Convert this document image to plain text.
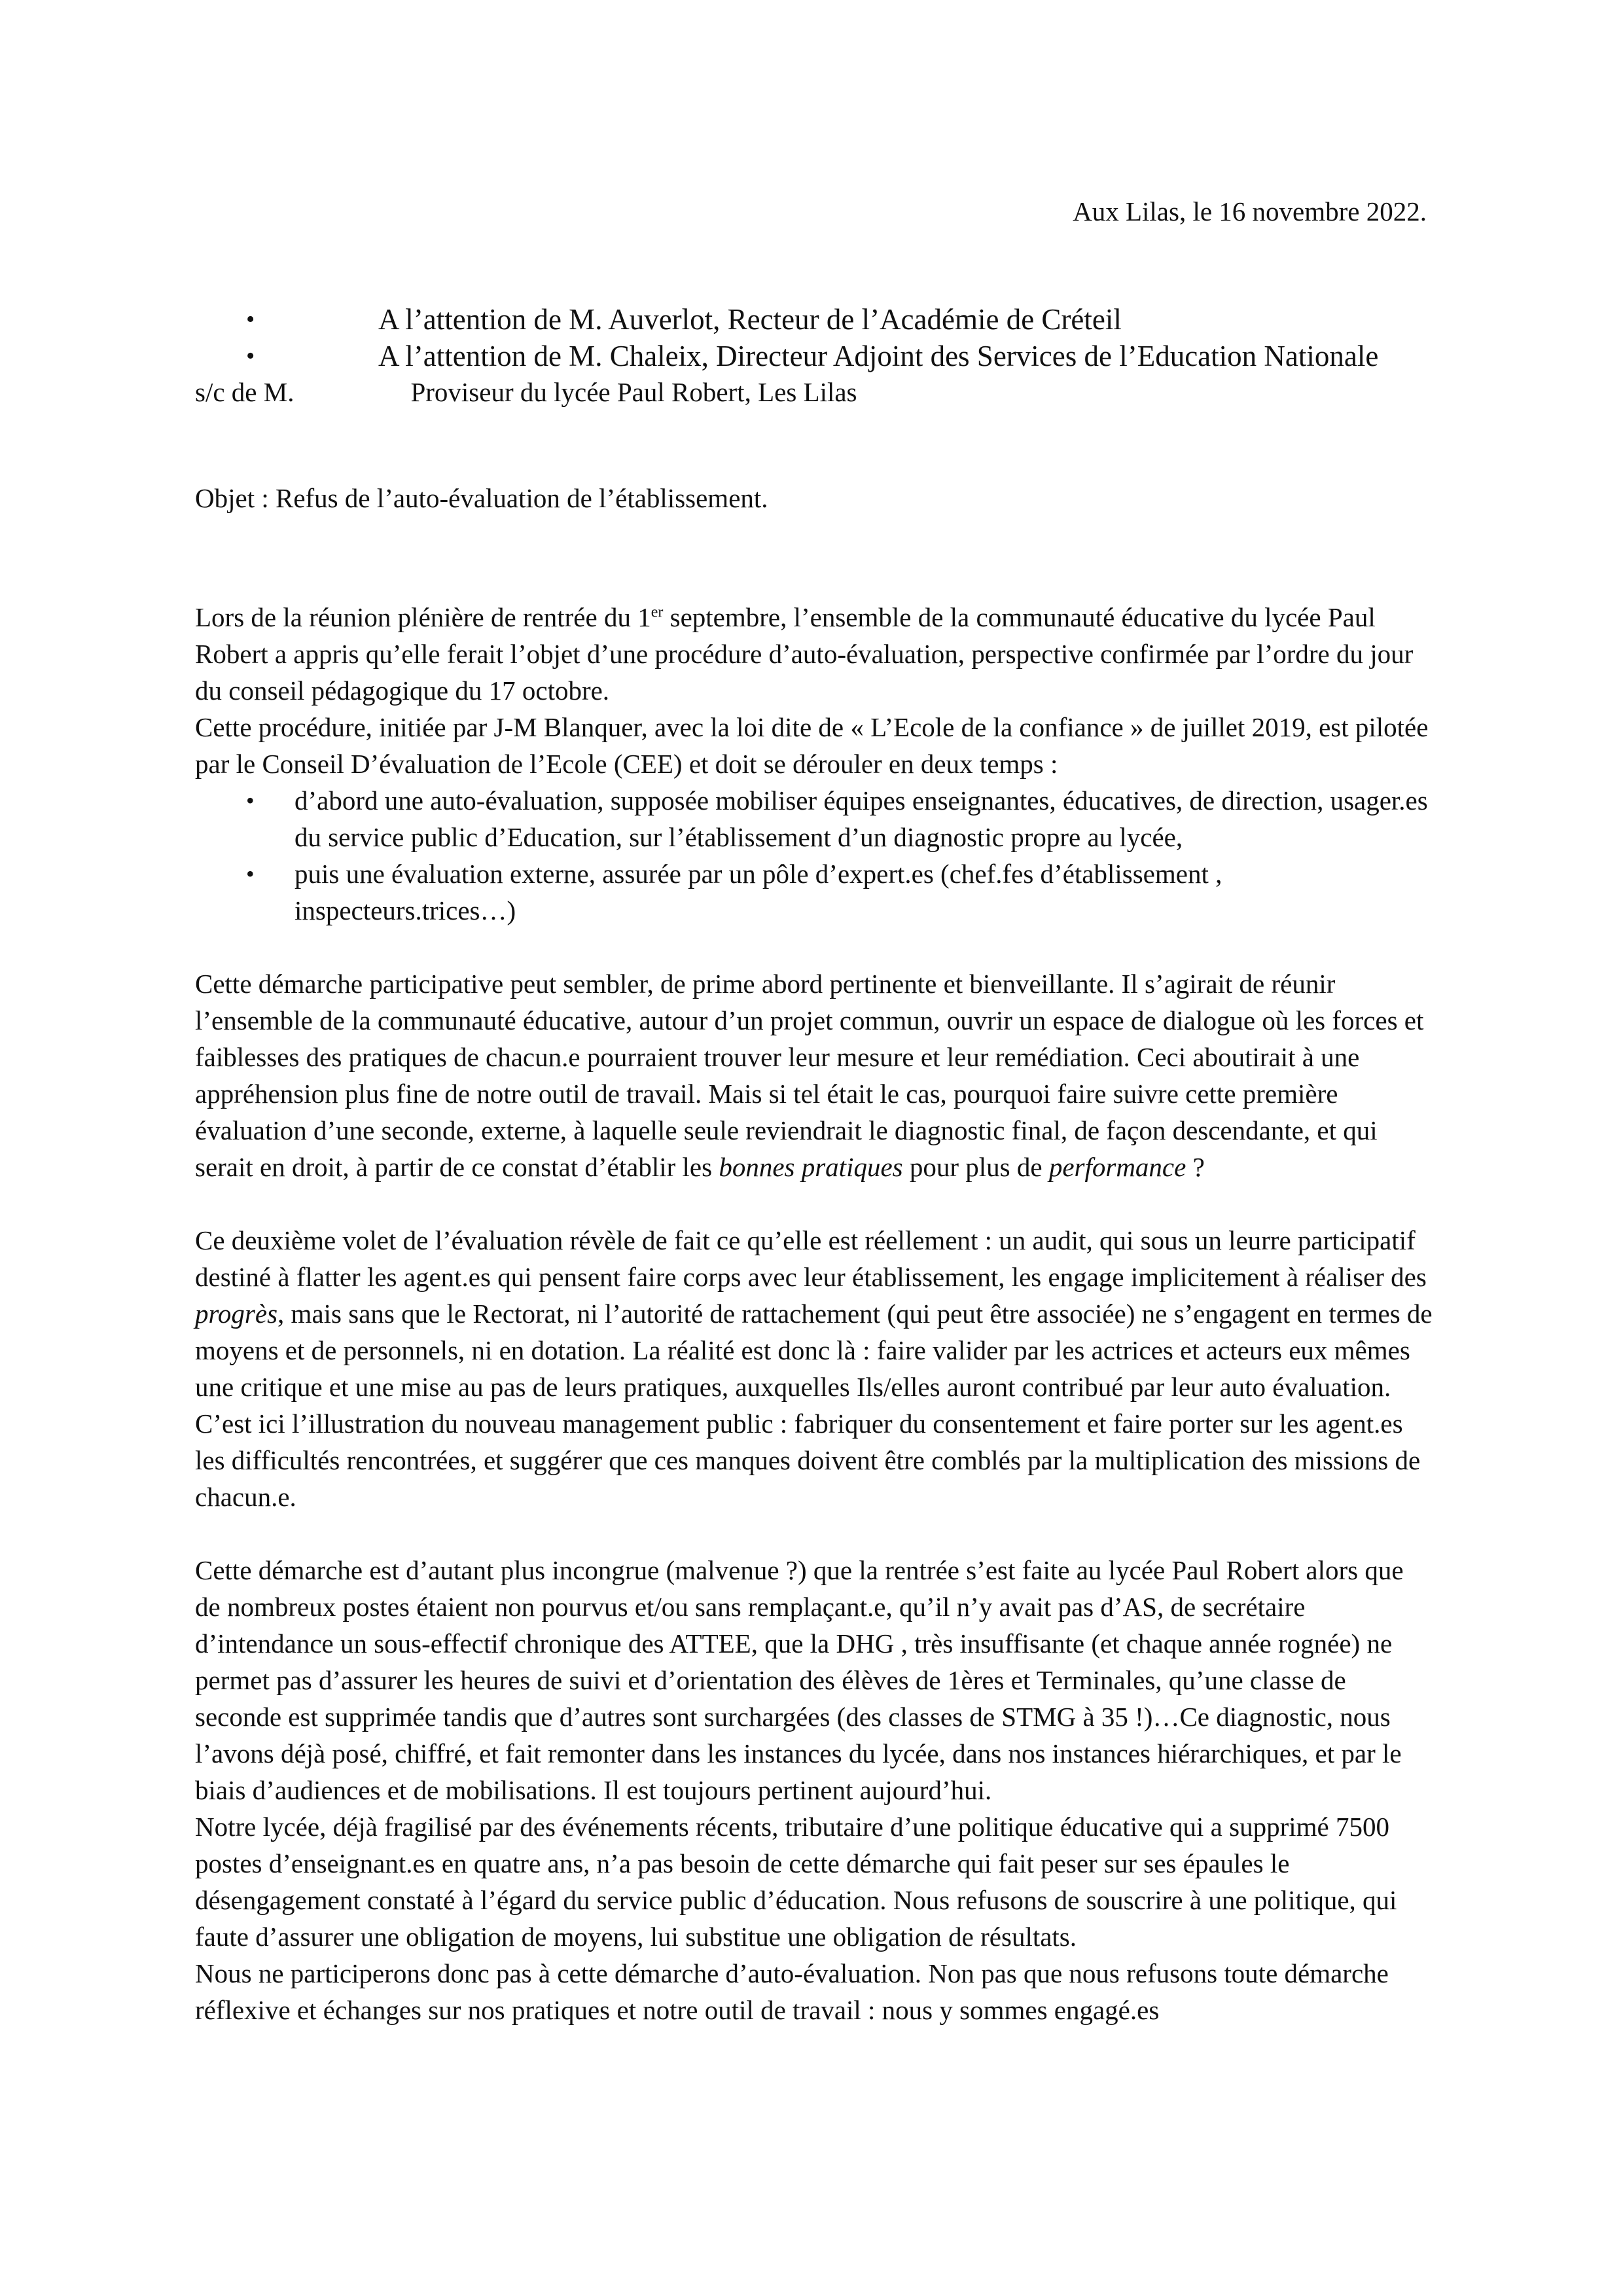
Aux Lilas, le 16 novembre 2022.
•	A l’attention de M. Auverlot, Recteur de l’Académie de Créteil
•	A l’attention de M. Chaleix, Directeur Adjoint des Services de l’Education Nationale
s/c de M.	Proviseur du lycée Paul Robert, Les Lilas
Objet : Refus de l’auto-évaluation de l’établissement.

Lors de la réunion plénière de rentrée du 1er septembre, l’ensemble de la communauté éducative du lycée Paul Robert a appris qu’elle ferait l’objet d’une procédure d’auto-évaluation, perspective confirmée par l’ordre du jour du conseil pédagogique du 17 octobre.

Cette procédure, initiée par J-M Blanquer, avec la loi dite de « L’Ecole de la confiance » de juillet 2019, est pilotée par le Conseil D’évaluation de l’Ecole (CEE) et doit se dérouler en deux temps :

• d’abord une auto-évaluation, supposée mobiliser équipes enseignantes, éducatives, de direction, usager.es du service public d’Education, sur l’établissement d’un diagnostic propre au lycée,
• puis une évaluation externe, assurée par un pôle d’expert.es (chef.fes d’établissement , inspecteurs.trices…)

Cette démarche participative peut sembler, de prime abord pertinente et bienveillante. Il s’agirait de réunir l’ensemble de la communauté éducative, autour d’un projet commun, ouvrir un espace de dialogue où les forces et faiblesses des pratiques de chacun.e pourraient trouver leur mesure et leur remédiation. Ceci aboutirait à une appréhension plus fine de notre outil de travail. Mais si tel était le cas, pourquoi faire suivre cette première évaluation d’une seconde, externe, à laquelle seule reviendrait le diagnostic final, de façon descendante, et qui serait en droit, à partir de ce constat d’établir les bonnes pratiques pour plus de performance ?

Ce deuxième volet de l’évaluation révèle de fait ce qu’elle est réellement : un audit, qui sous un leurre participatif destiné à flatter les agent.es qui pensent faire corps avec leur établissement, les engage implicitement à réaliser des progrès, mais sans que le Rectorat, ni l’autorité de rattachement (qui peut être associée) ne s’engagent en termes de moyens et de personnels, ni en dotation. La réalité est donc là : faire valider par les actrices et acteurs eux mêmes une critique et une mise au pas de leurs pratiques, auxquelles Ils/elles auront contribué par leur auto évaluation. C’est ici l’illustration du nouveau management public : fabriquer du consentement et faire porter sur les agent.es les difficultés rencontrées, et suggérer que ces manques doivent être comblés par la multiplication des missions de chacun.e.

Cette démarche est d’autant plus incongrue (malvenue ?) que la rentrée s’est faite au lycée Paul Robert alors que de nombreux postes étaient non pourvus et/ou sans remplaçant.e, qu’il n’y avait pas d’AS, de secrétaire d’intendance un sous-effectif chronique des ATTEE, que la DHG , très insuffisante (et chaque année rognée) ne permet pas d’assurer les heures de suivi et d’orientation des élèves de 1ères et Terminales, qu’une classe de seconde est supprimée tandis que d’autres sont surchargées (des classes de STMG à 35 !)…Ce diagnostic, nous l’avons déjà posé, chiffré, et fait remonter dans les instances du lycée, dans nos instances hiérarchiques, et par le biais d’audiences et de mobilisations. Il est toujours pertinent aujourd’hui.

Notre lycée, déjà fragilisé par des événements récents, tributaire d’une politique éducative qui a supprimé 7500 postes d’enseignant.es en quatre ans, n’a pas besoin de cette démarche qui fait peser sur ses épaules le désengagement constaté à l’égard du service public d’éducation. Nous refusons de souscrire à une politique, qui faute d’assurer une obligation de moyens, lui substitue une obligation de résultats.

Nous ne participerons donc pas à cette démarche d’auto-évaluation. Non pas que nous refusons toute démarche réflexive et échanges sur nos pratiques et notre outil de travail : nous y sommes engagé.es
